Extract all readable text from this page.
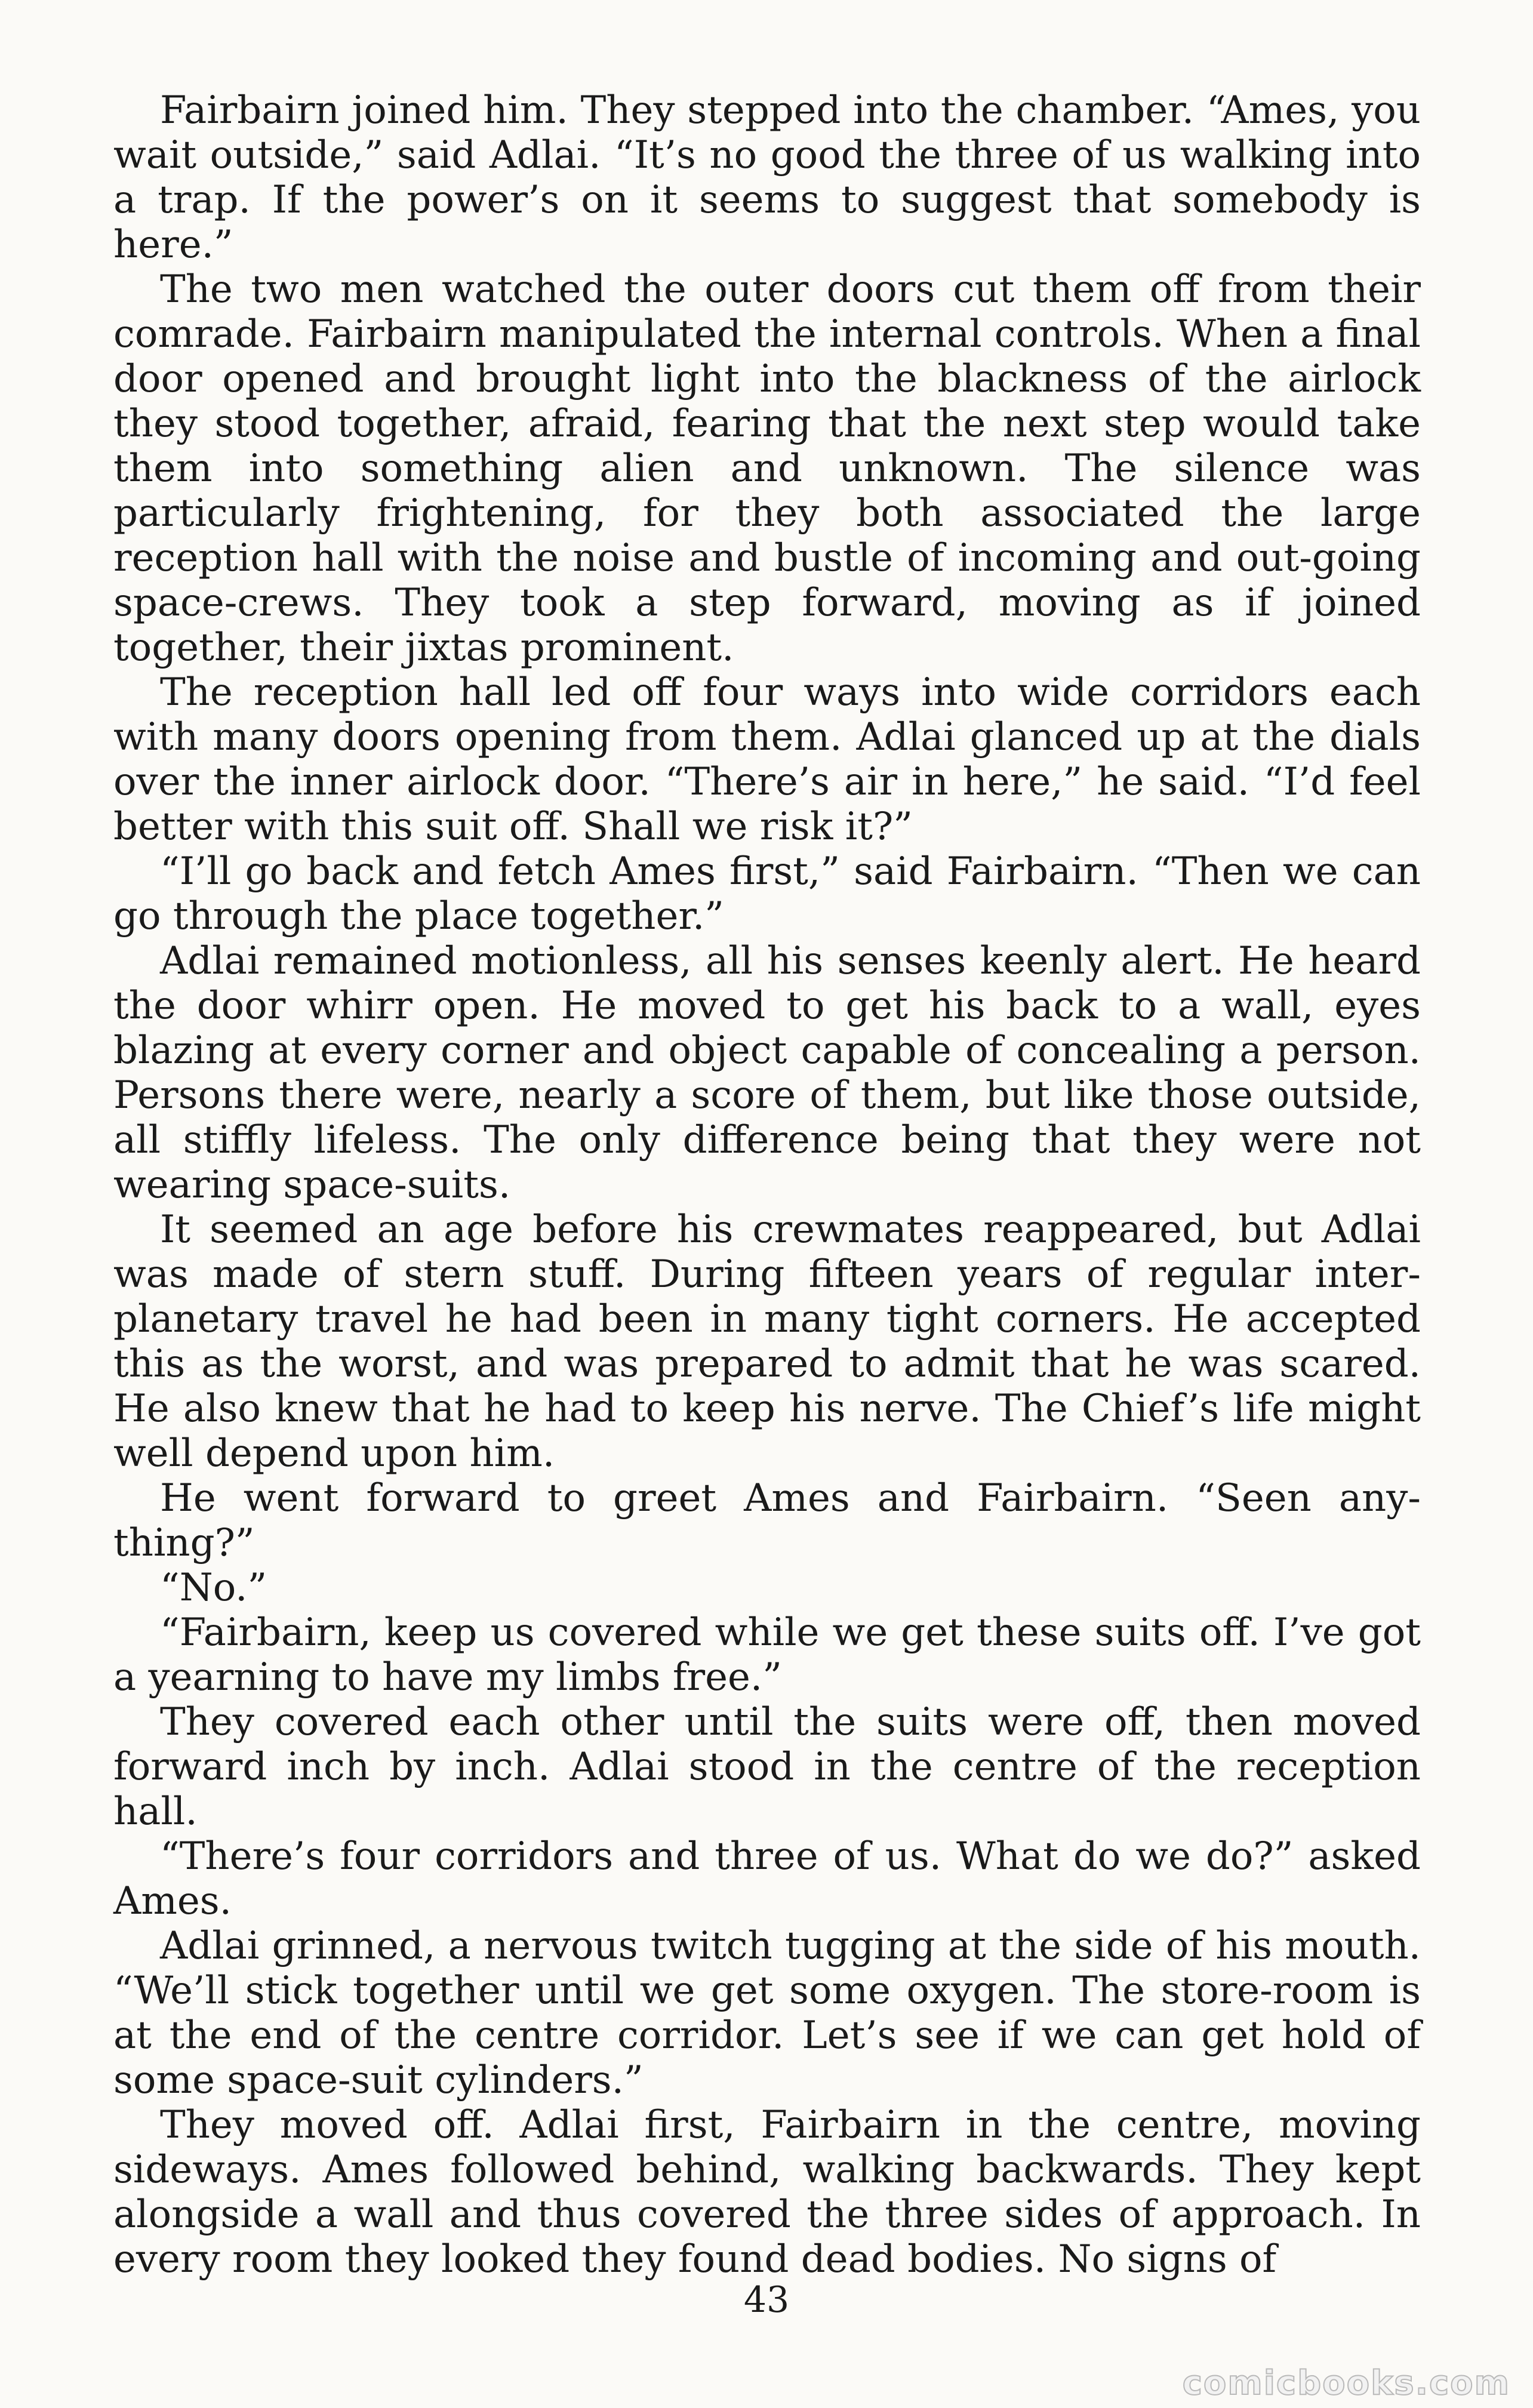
Fairbairn joined him. They stepped into the chamber. “Ames, you wait outside,” said Adlai. “It’s no good the three of us walking into a trap. If the power’s on it seems to suggest that somebody is here.”

The two men watched the outer doors cut them off from their comrade. Fairbairn manipulated the internal controls. When a final door opened and brought light into the blackness of the airlock they stood together, afraid, fearing that the next step would take them into something alien and unknown. The silence was particularly frightening, for they both associated the large reception hall with the noise and bustle of incoming and out-going space-crews. They took a step forward, moving as if joined together, their jixtas prominent.

The reception hall led off four ways into wide corridors each with many doors opening from them. Adlai glanced up at the dials over the inner airlock door. “There’s air in here,” he said. “I’d feel better with this suit off. Shall we risk it?”

“I’ll go back and fetch Ames first,” said Fairbairn. “Then we can go through the place together.”

Adlai remained motionless, all his senses keenly alert. He heard the door whirr open. He moved to get his back to a wall, eyes blazing at every corner and object capable of concealing a person. Persons there were, nearly a score of them, but like those outside, all stiffly lifeless. The only difference being that they were not wearing space-suits.

It seemed an age before his crewmates reappeared, but Adlai was made of stern stuff. During fifteen years of regular inter-planetary travel he had been in many tight corners. He accepted this as the worst, and was prepared to admit that he was scared. He also knew that he had to keep his nerve. The Chief’s life might well depend upon him.

He went forward to greet Ames and Fairbairn. “Seen any-thing?”

“No.”

“Fairbairn, keep us covered while we get these suits off. I’ve got a yearning to have my limbs free.”

They covered each other until the suits were off, then moved forward inch by inch. Adlai stood in the centre of the reception hall.

“There’s four corridors and three of us. What do we do?” asked Ames.

Adlai grinned, a nervous twitch tugging at the side of his mouth. “We’ll stick together until we get some oxygen. The store-room is at the end of the centre corridor. Let’s see if we can get hold of some space-suit cylinders.”

They moved off. Adlai first, Fairbairn in the centre, moving sideways. Ames followed behind, walking backwards. They kept alongside a wall and thus covered the three sides of approach. In every room they looked they found dead bodies. No signs of

43
comicbooks.com
